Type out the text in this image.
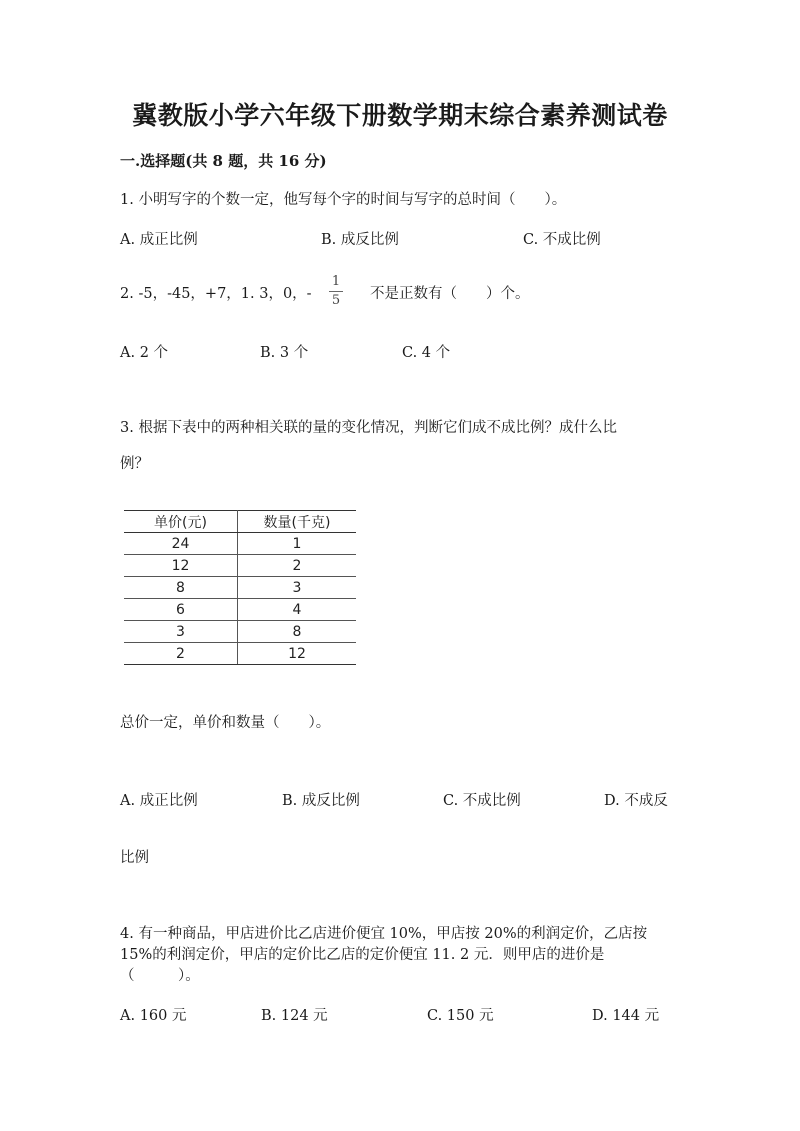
冀教版小学六年级下册数学期末综合素养测试卷
一.选择题(共 8 题，共 16 分)
1. 小明写字的个数一定，他写每个字的时间与写字的总时间（　　）。
A. 成正比例	B. 成反比例	C. 不成比例
2. -5，-45，+7，1. 3，0，-
1
5 不是正数有（　　）个。
A. 2 个	B. 3 个	C. 4 个
3. 根据下表中的两种相关联的量的变化情况，判断它们成不成比例？成什么比
例？
单价(元)	数量(千克)
24	1
12	2
8	3
6	4
3	8
2	12
总价一定，单价和数量（　　）。
A. 成正比例	B. 成反比例	C. 不成比例	D. 不成反
比例
4. 有一种商品，甲店进价比乙店进价便宜 10%，甲店按 20%的利润定价，乙店按
15%的利润定价，甲店的定价比乙店的定价便宜 11. 2 元．则甲店的进价是
（　　　）。
A. 160 元	B. 124 元	C. 150 元	D. 144 元
